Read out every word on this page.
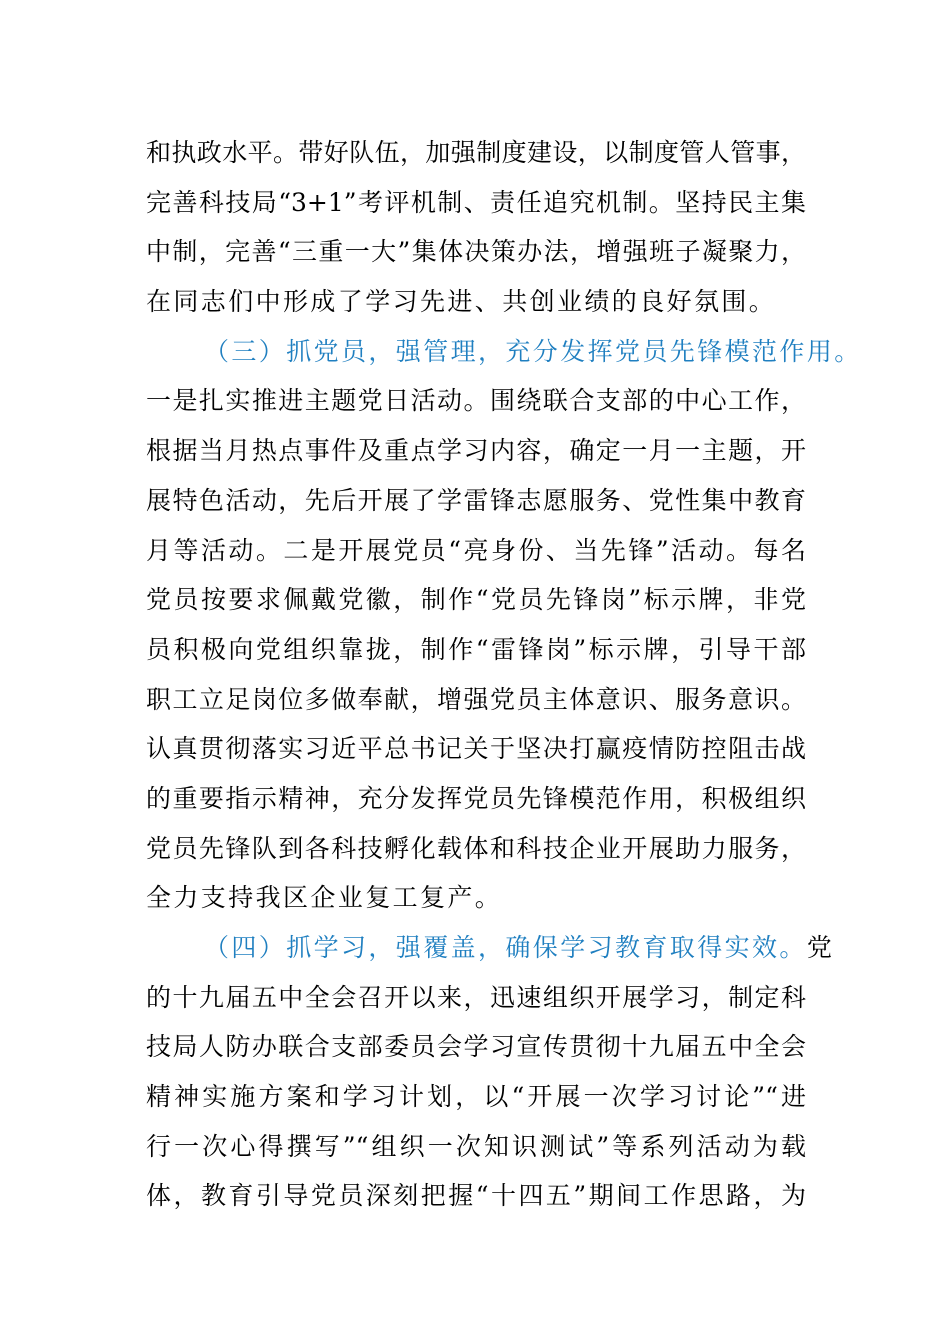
和执政水平。带好队伍，加强制度建设，以制度管人管事，
完善科技局“3+1”考评机制、责任追究机制。坚持民主集
中制，完善“三重一大”集体决策办法，增强班子凝聚力，
在同志们中形成了学习先进、共创业绩的良好氛围。
（三）抓党员，强管理，充分发挥党员先锋模范作用。
一是扎实推进主题党日活动。围绕联合支部的中心工作，
根据当月热点事件及重点学习内容，确定一月一主题，开
展特色活动，先后开展了学雷锋志愿服务、党性集中教育
月等活动。二是开展党员“亮身份、当先锋”活动。每名
党员按要求佩戴党徽，制作“党员先锋岗”标示牌，非党
员积极向党组织靠拢，制作“雷锋岗”标示牌，引导干部
职工立足岗位多做奉献，增强党员主体意识、服务意识。
认真贯彻落实习近平总书记关于坚决打赢疫情防控阻击战
的重要指示精神，充分发挥党员先锋模范作用，积极组织
党员先锋队到各科技孵化载体和科技企业开展助力服务，
全力支持我区企业复工复产。
（四）抓学习，强覆盖，确保学习教育取得实效。党
的十九届五中全会召开以来，迅速组织开展学习，制定科
技局人防办联合支部委员会学习宣传贯彻十九届五中全会
精神实施方案和学习计划，以“开展一次学习讨论”“进
行一次心得撰写”“组织一次知识测试”等系列活动为载
体，教育引导党员深刻把握“十四五”期间工作思路，为
